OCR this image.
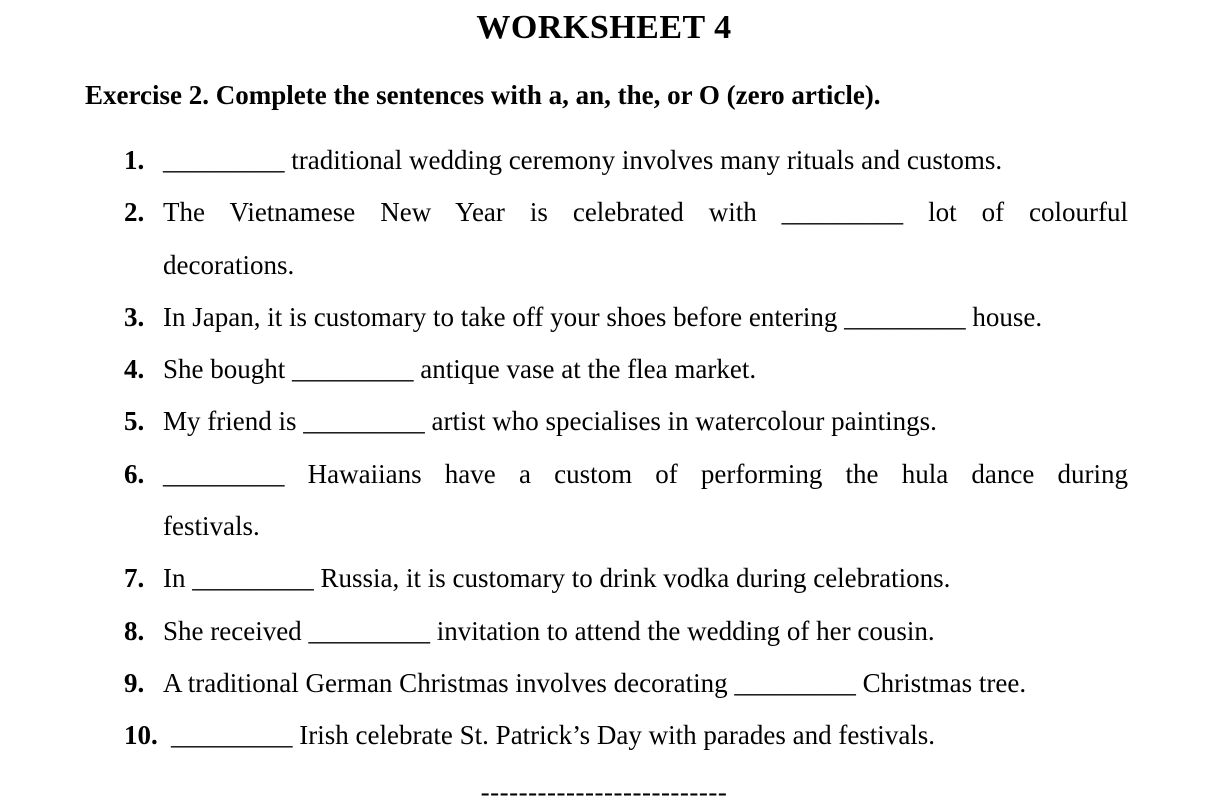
WORKSHEET 4
Exercise 2. Complete the sentences with a, an, the, or O (zero article).
1. _________ traditional wedding ceremony involves many rituals and customs.
2. The Vietnamese New Year is celebrated with _________ lot of colourful
decorations.
3. In Japan, it is customary to take off your shoes before entering _________ house.
4. She bought _________ antique vase at the flea market.
5. My friend is _________ artist who specialises in watercolour paintings.
6. _________ Hawaiians have a custom of performing the hula dance during
festivals.
7. In _________ Russia, it is customary to drink vodka during celebrations.
8. She received _________ invitation to attend the wedding of her cousin.
9. A traditional German Christmas involves decorating _________ Christmas tree.
10. _________ Irish celebrate St. Patrick’s Day with parades and festivals.
--------------------------
